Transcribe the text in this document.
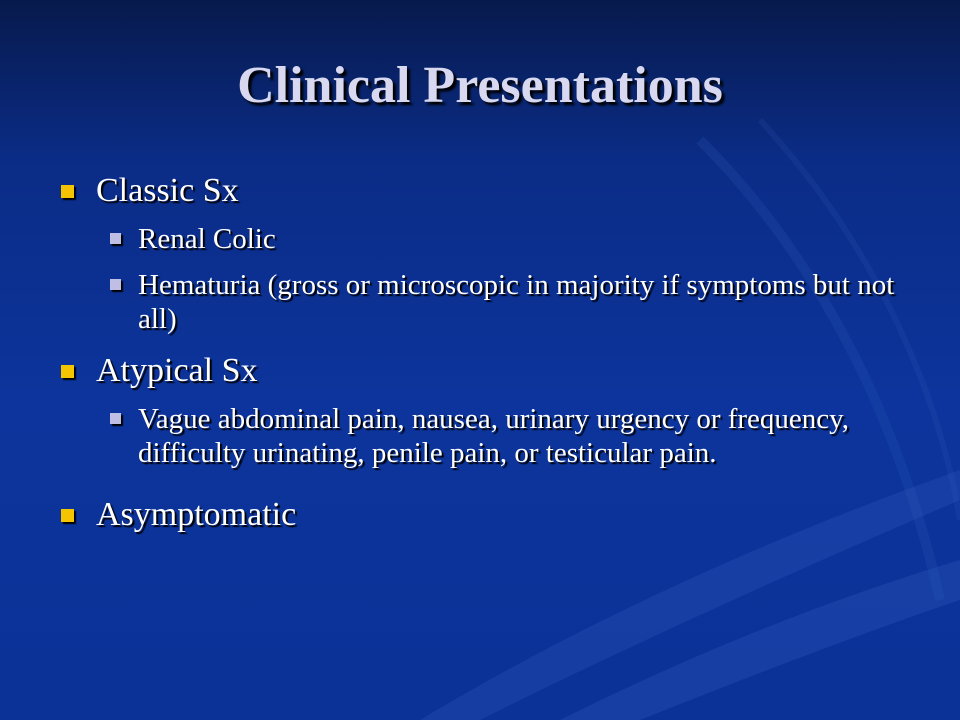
Clinical Presentations
Classic Sx
Renal Colic
Hematuria (gross or microscopic in majority if symptoms but not all)
Atypical Sx
Vague abdominal pain, nausea, urinary urgency or frequency, difficulty urinating, penile pain, or testicular pain.
Asymptomatic
